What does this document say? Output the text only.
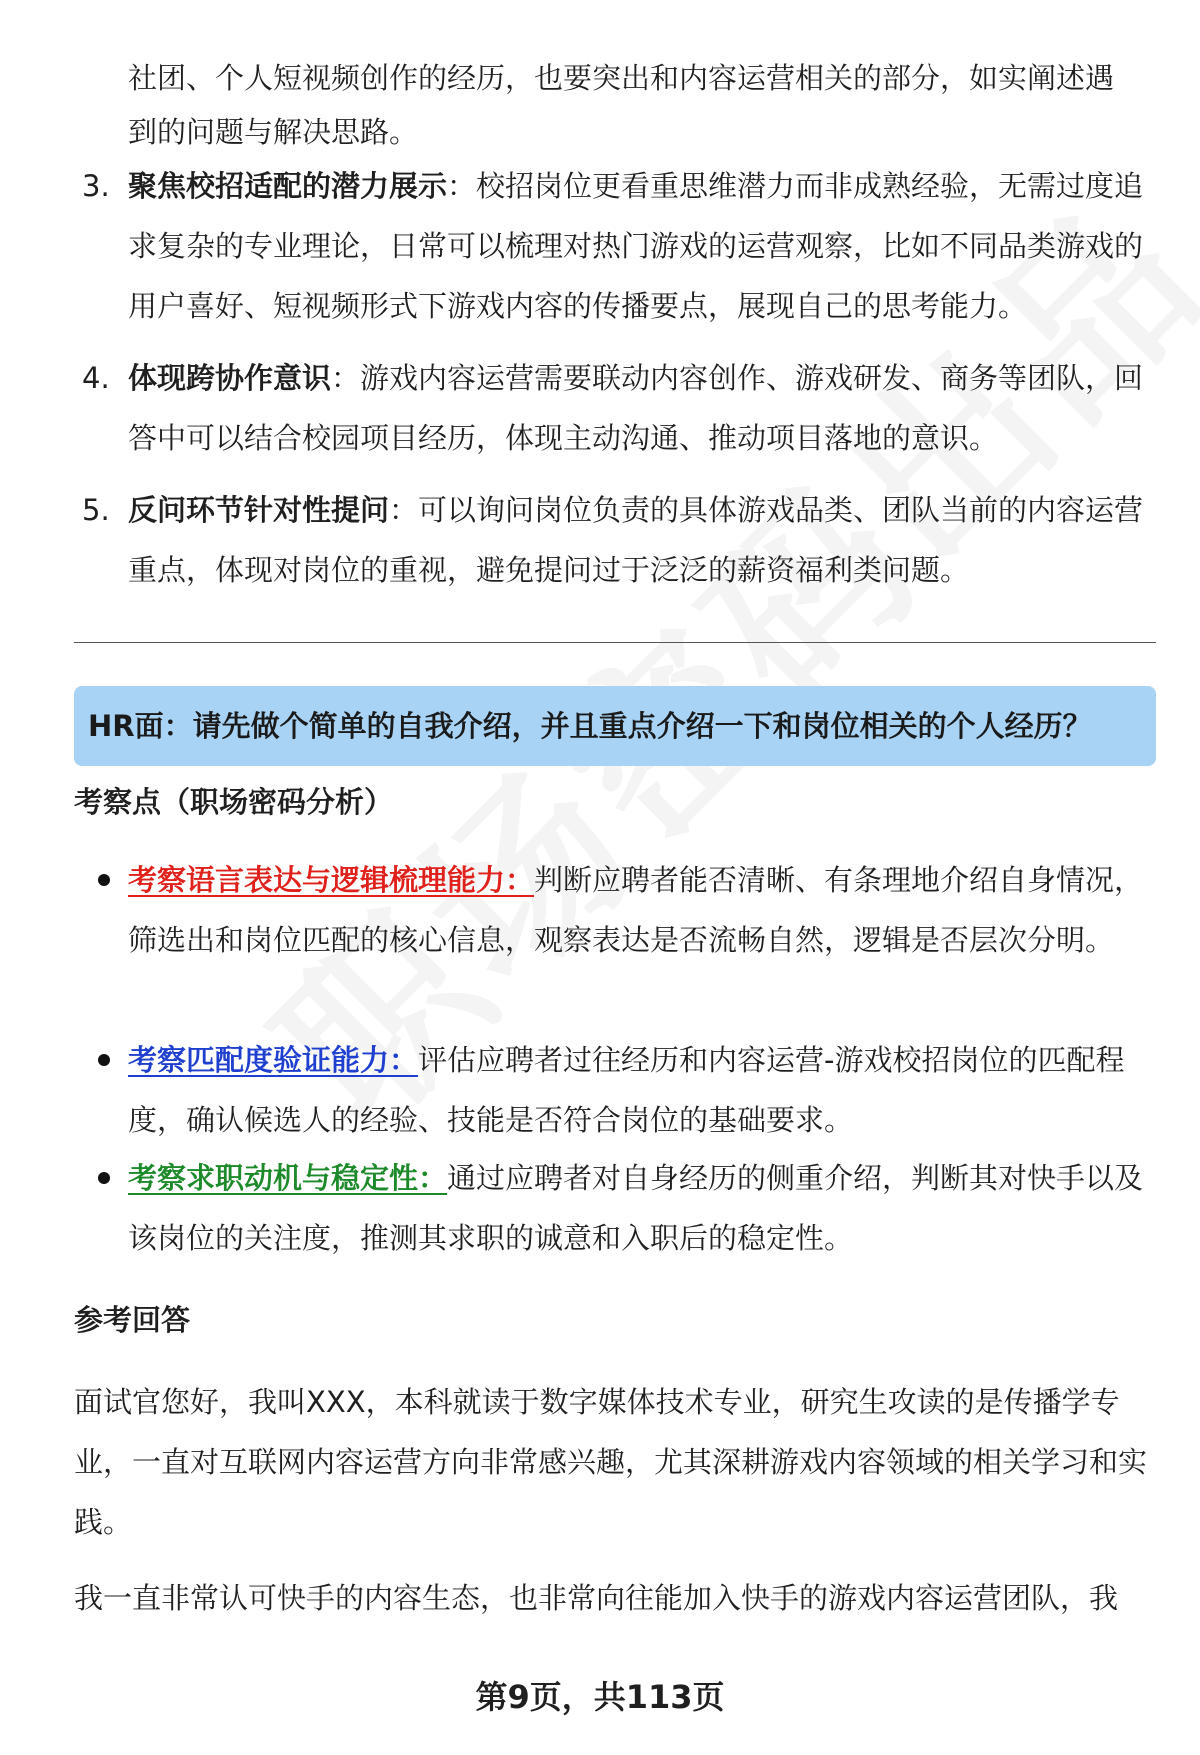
社团、个人短视频创作的经历，也要突出和内容运营相关的部分，如实阐述遇
到的问题与解决思路。
3. 聚焦校招适配的潜力展示：校招岗位更看重思维潜力而非成熟经验，无需过度追求复杂的专业理论，日常可以梳理对热门游戏的运营观察，比如不同品类游戏的用户喜好、短视频形式下游戏内容的传播要点，展现自己的思考能力。
4. 体现跨协作意识：游戏内容运营需要联动内容创作、游戏研发、商务等团队，回答中可以结合校园项目经历，体现主动沟通、推动项目落地的意识。
5. 反问环节针对性提问：可以询问岗位负责的具体游戏品类、团队当前的内容运营重点，体现对岗位的重视，避免提问过于泛泛的薪资福利类问题。
HR面：请先做个简单的自我介绍，并且重点介绍一下和岗位相关的个人经历？
考察点（职场密码分析）
考察语言表达与逻辑梳理能力：判断应聘者能否清晰、有条理地介绍自身情况，筛选出和岗位匹配的核心信息，观察表达是否流畅自然，逻辑是否层次分明。
考察匹配度验证能力：评估应聘者过往经历和内容运营-游戏校招岗位的匹配程度，确认候选人的经验、技能是否符合岗位的基础要求。
考察求职动机与稳定性：通过应聘者对自身经历的侧重介绍，判断其对快手以及该岗位的关注度，推测其求职的诚意和入职后的稳定性。
参考回答
面试官您好，我叫XXX，本科就读于数字媒体技术专业，研究生攻读的是传播学专业，一直对互联网内容运营方向非常感兴趣，尤其深耕游戏内容领域的相关学习和实践。
我一直非常认可快手的内容生态，也非常向往能加入快手的游戏内容运营团队，我
第9页，共113页
